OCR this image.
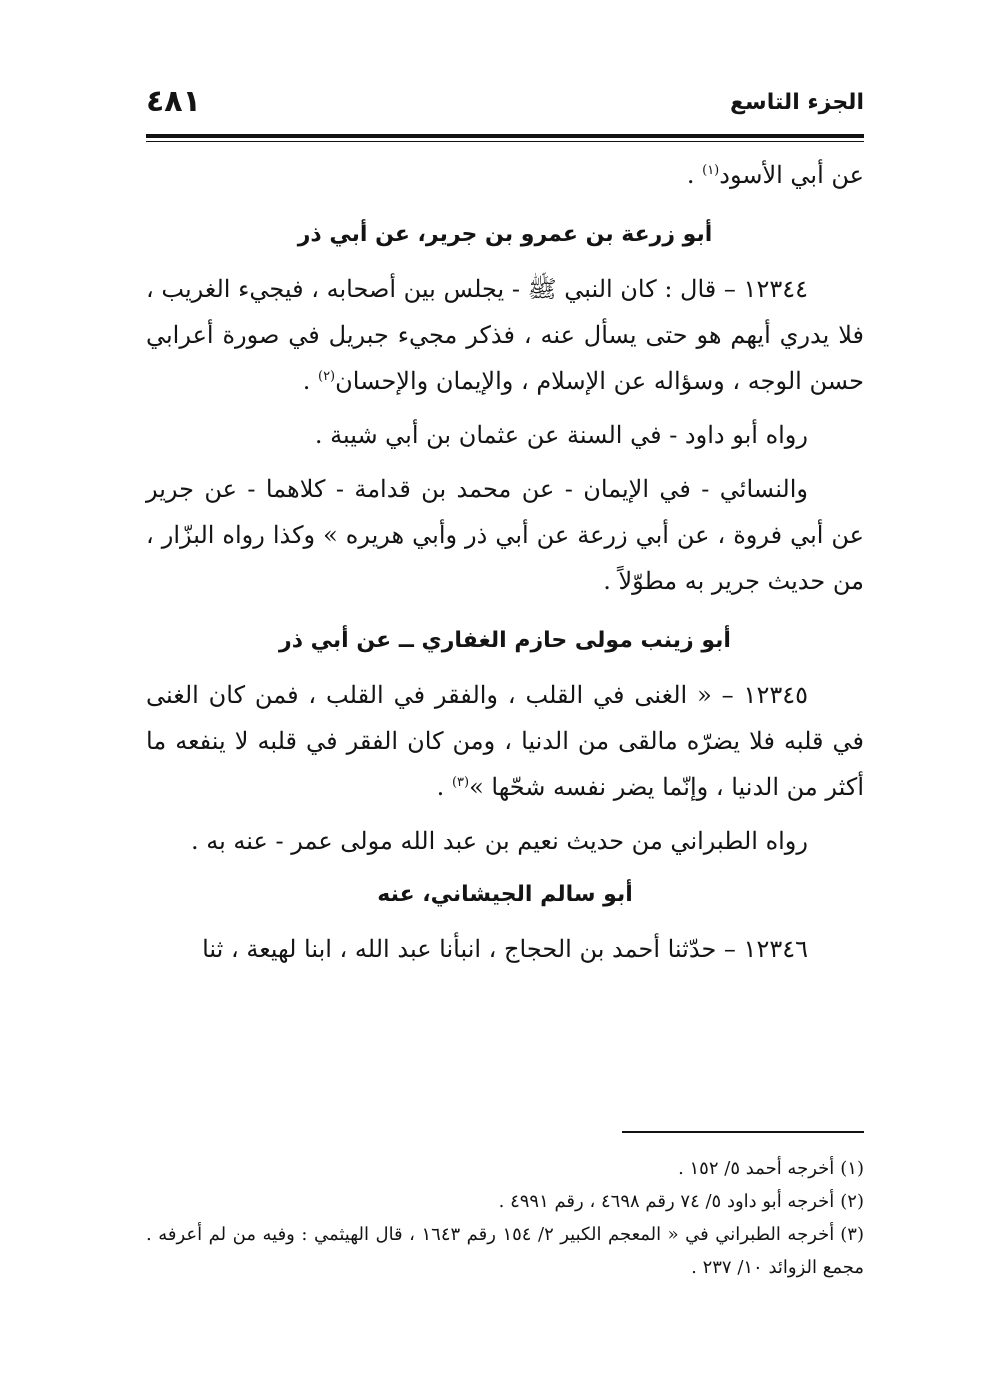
الجزء التاسع
٤٨١

عن أبي الأسود$^{(١)}$ .

أبو زرعة بن عمرو بن جرير، عن أبي ذر

١٢٣٤٤ – قال : كان النبي ﷺ - يجلس بين أصحابه ، فيجيء الغريب ، فلا يدري أيهم هو حتى يسأل عنه ، فذكر مجيء جبريل في صورة أعرابي حسن الوجه ، وسؤاله عن الإسلام ، والإيمان والإحسان$^{(٢)}$ .

رواه أبو داود - في السنة عن عثمان بن أبي شيبة .

والنسائي - في الإيمان - عن محمد بن قدامة - كلاهما - عن جرير عن أبي فروة ، عن أبي زرعة عن أبي ذر وأبي هريره » وكذا رواه البزّار ، من حديث جرير به مطوّلاً .

أبو زينب مولى حازم الغفاري ــ عن أبي ذر

١٢٣٤٥ – « الغنى في القلب ، والفقر في القلب ، فمن كان الغنى في قلبه فلا يضرّه مالقى من الدنيا ، ومن كان الفقر في قلبه لا ينفعه ما أكثر من الدنيا ، وإنّما يضر نفسه شحّها »$^{(٣)}$ .

رواه الطبراني من حديث نعيم بن عبد الله مولى عمر - عنه به .

أبو سالم الجيشاني، عنه

١٢٣٤٦ – حدّثنا أحمد بن الحجاج ، انبأنا عبد الله ، ابنا لهيعة ، ثنا

(١)أخرجه أحمد ٥/ ١٥٢ .

(٢)أخرجه أبو داود ٥/ ٧٤ رقم ٤٦٩٨ ، رقم ٤٩٩١ .

(٣)أخرجه الطبراني في « المعجم الكبير ٢/ ١٥٤ رقم ١٦٤٣ ، قال الهيثمي : وفيه من لم أعرفه . مجمع الزوائد ١٠/ ٢٣٧ .
